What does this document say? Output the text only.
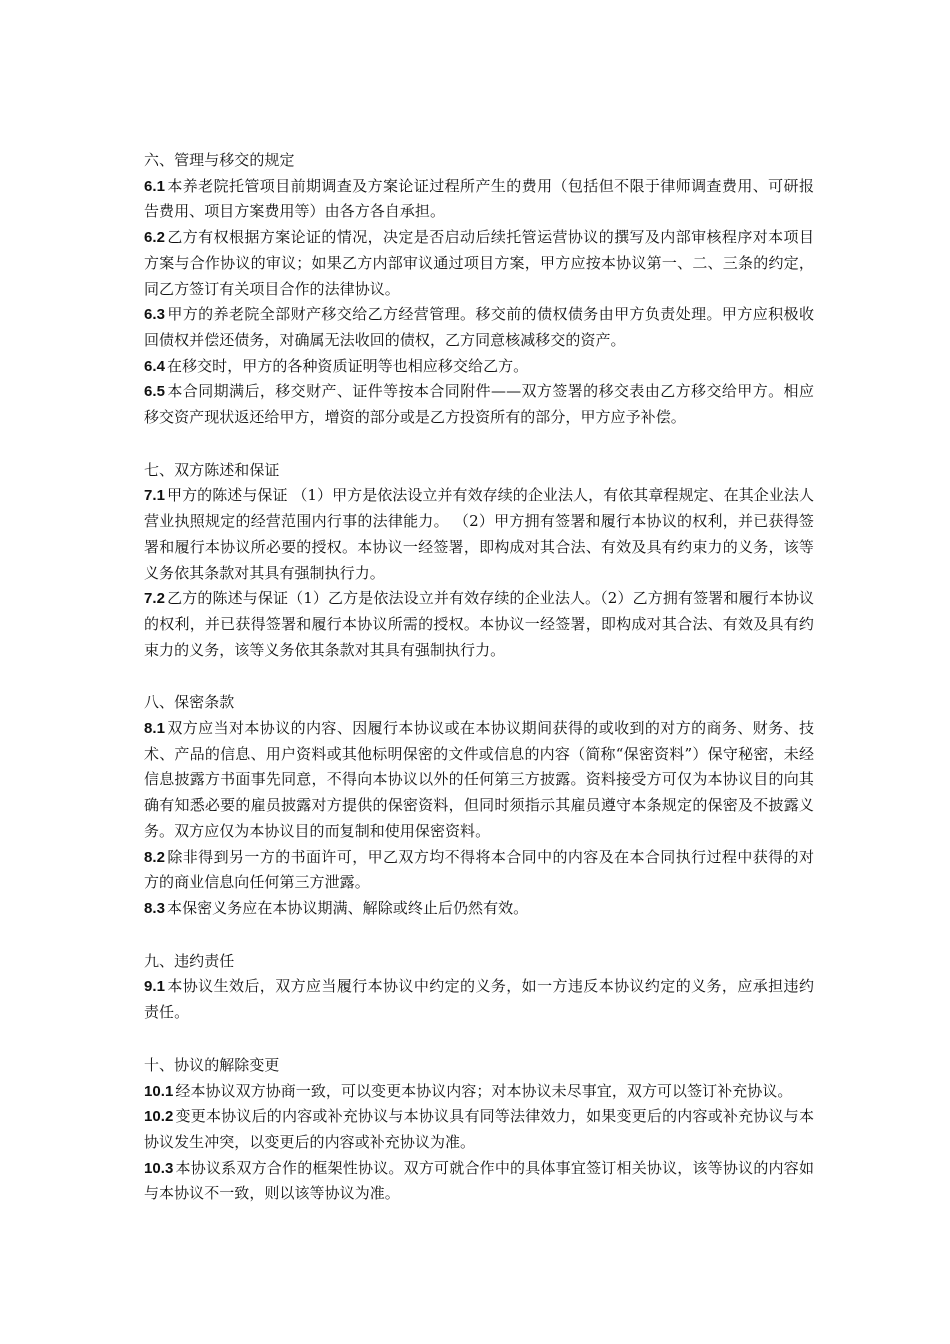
六、管理与移交的规定

6.1 本养老院托管项目前期调查及方案论证过程所产生的费用（包括但不限于律师调查费用、可研报告费用、项目方案费用等）由各方各自承担。

6.2 乙方有权根据方案论证的情况，决定是否启动后续托管运营协议的撰写及内部审核程序对本项目方案与合作协议的审议；如果乙方内部审议通过项目方案，甲方应按本协议第一、二、三条的约定，同乙方签订有关项目合作的法律协议。

6.3 甲方的养老院全部财产移交给乙方经营管理。移交前的债权债务由甲方负责处理。甲方应积极收回债权并偿还债务，对确属无法收回的债权，乙方同意核减移交的资产。

6.4 在移交时，甲方的各种资质证明等也相应移交给乙方。

6.5 本合同期满后，移交财产、证件等按本合同附件——双方签署的移交表由乙方移交给甲方。相应移交资产现状返还给甲方，增资的部分或是乙方投资所有的部分，甲方应予补偿。

七、双方陈述和保证

7.1 甲方的陈述与保证 （1）甲方是依法设立并有效存续的企业法人，有依其章程规定、在其企业法人营业执照规定的经营范围内行事的法律能力。 （2）甲方拥有签署和履行本协议的权利，并已获得签署和履行本协议所必要的授权。本协议一经签署，即构成对其合法、有效及具有约束力的义务，该等义务依其条款对其具有强制执行力。

7.2 乙方的陈述与保证（1）乙方是依法设立并有效存续的企业法人。（2）乙方拥有签署和履行本协议的权利，并已获得签署和履行本协议所需的授权。本协议一经签署，即构成对其合法、有效及具有约束力的义务，该等义务依其条款对其具有强制执行力。

八、保密条款

8.1 双方应当对本协议的内容、因履行本协议或在本协议期间获得的或收到的对方的商务、财务、技术、产品的信息、用户资料或其他标明保密的文件或信息的内容（简称“保密资料”）保守秘密，未经信息披露方书面事先同意，不得向本协议以外的任何第三方披露。资料接受方可仅为本协议目的向其确有知悉必要的雇员披露对方提供的保密资料，但同时须指示其雇员遵守本条规定的保密及不披露义务。双方应仅为本协议目的而复制和使用保密资料。

8.2 除非得到另一方的书面许可，甲乙双方均不得将本合同中的内容及在本合同执行过程中获得的对方的商业信息向任何第三方泄露。

8.3 本保密义务应在本协议期满、解除或终止后仍然有效。

九、违约责任

9.1 本协议生效后，双方应当履行本协议中约定的义务，如一方违反本协议约定的义务，应承担违约责任。

十、协议的解除变更

10.1 经本协议双方协商一致，可以变更本协议内容；对本协议未尽事宜，双方可以签订补充协议。

10.2 变更本协议后的内容或补充协议与本协议具有同等法律效力，如果变更后的内容或补充协议与本协议发生冲突，以变更后的内容或补充协议为准。

10.3 本协议系双方合作的框架性协议。双方可就合作中的具体事宜签订相关协议，该等协议的内容如与本协议不一致，则以该等协议为准。
